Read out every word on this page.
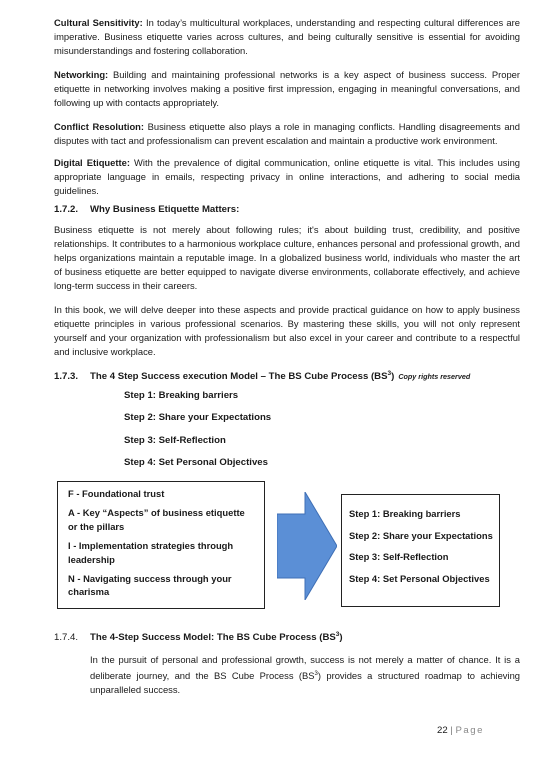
Cultural Sensitivity: In today’s multicultural workplaces, understanding and respecting cultural differences are imperative. Business etiquette varies across cultures, and being culturally sensitive is essential for avoiding misunderstandings and fostering collaboration.

Networking: Building and maintaining professional networks is a key aspect of business success. Proper etiquette in networking involves making a positive first impression, engaging in meaningful conversations, and following up with contacts appropriately.

Conflict Resolution: Business etiquette also plays a role in managing conflicts. Handling disagreements and disputes with tact and professionalism can prevent escalation and maintain a productive work environment.

Digital Etiquette: With the prevalence of digital communication, online etiquette is vital. This includes using appropriate language in emails, respecting privacy in online interactions, and adhering to social media guidelines.

1.7.2. Why Business Etiquette Matters:

Business etiquette is not merely about following rules; it's about building trust, credibility, and positive relationships. It contributes to a harmonious workplace culture, enhances personal and professional growth, and helps organizations maintain a reputable image. In a globalized business world, individuals who master the art of business etiquette are better equipped to navigate diverse environments, collaborate effectively, and achieve long-term success in their careers.

In this book, we will delve deeper into these aspects and provide practical guidance on how to apply business etiquette principles in various professional scenarios. By mastering these skills, you will not only represent yourself and your organization with professionalism but also excel in your career and contribute to a respectful and inclusive workplace.

1.7.3. The 4 Step Success execution Model – The BS Cube Process $(BS^3)$ Copy rights reserved

Step 1: Breaking barriers
Step 2: Share your Expectations
Step 3: Self-Reflection
Step 4: Set Personal Objectives
F - Foundational trust
A - Key “Aspects” of business etiquette or the pillars
I - Implementation strategies through leadership
N - Navigating success through your charisma
Step 1: Breaking barriers
Step 2: Share your Expectations
Step 3: Self-Reflection
Step 4: Set Personal Objectives

1.7.4. The 4-Step Success Model: The BS Cube Process $(BS^3)$

In the pursuit of personal and professional growth, success is not merely a matter of chance. It is a deliberate journey, and the BS Cube Process $(BS^3)$ provides a structured roadmap to achieving unparalleled success.

22 | Page
